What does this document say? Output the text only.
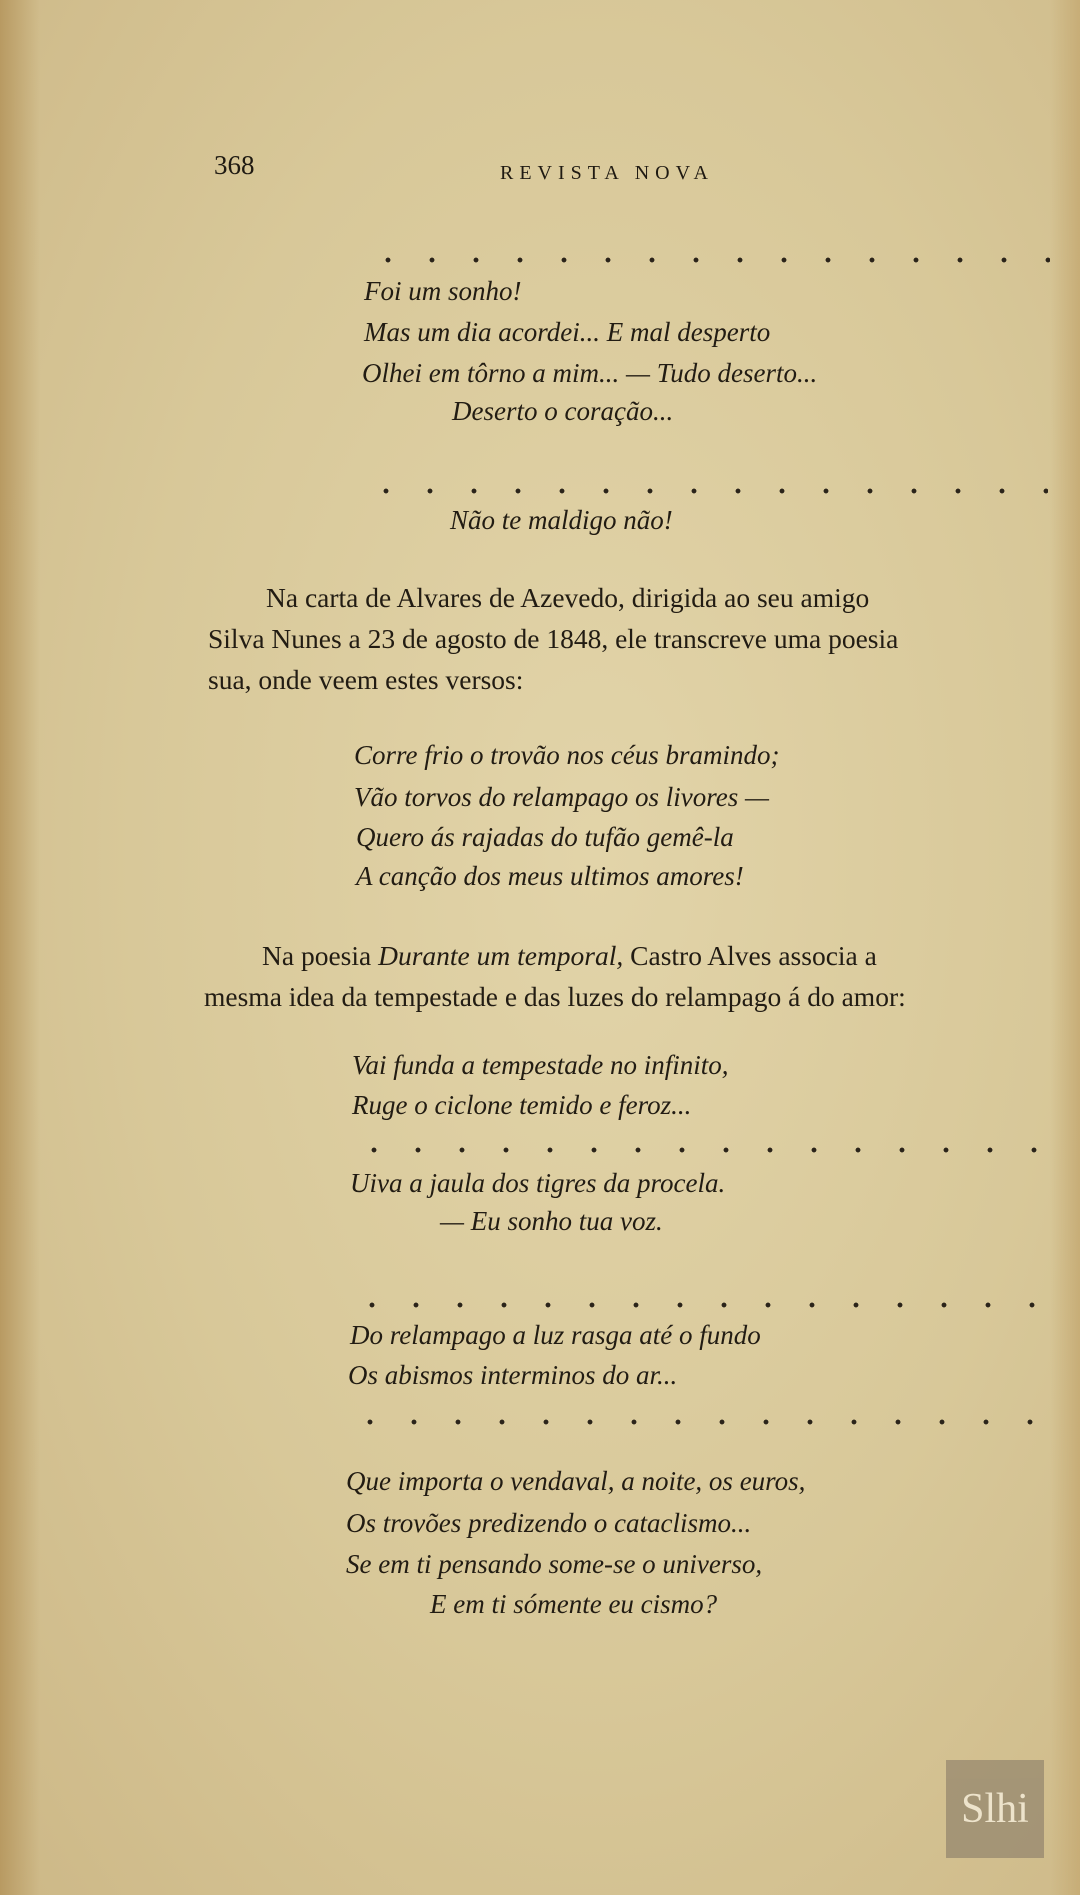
368	REVISTA NOVA
Foi um sonho!
Mas um dia acordei... E mal desperto
Olhei em tôrno a mim... — Tudo deserto...
Deserto o coração...
Não te maldigo não!
Na carta de Alvares de Azevedo, dirigida ao seu amigo
Silva Nunes a 23 de agosto de 1848, ele transcreve uma poesia
sua, onde veem estes versos:
Corre frio o trovão nos céus bramindo;
Vão torvos do relampago os livores —
Quero ás rajadas do tufão gemê-la
A canção dos meus ultimos amores!
Na poesia Durante um temporal, Castro Alves associa a
mesma idea da tempestade e das luzes do relampago á do amor:
Vai funda a tempestade no infinito,
Ruge o ciclone temido e feroz...
Uiva a jaula dos tigres da procela.
— Eu sonho tua voz.
Do relampago a luz rasga até o fundo
Os abismos interminos do ar...
Que importa o vendaval, a noite, os euros,
Os trovões predizendo o cataclismo...
Se em ti pensando some-se o universo,
E em ti sómente eu cismo?
Slhi
